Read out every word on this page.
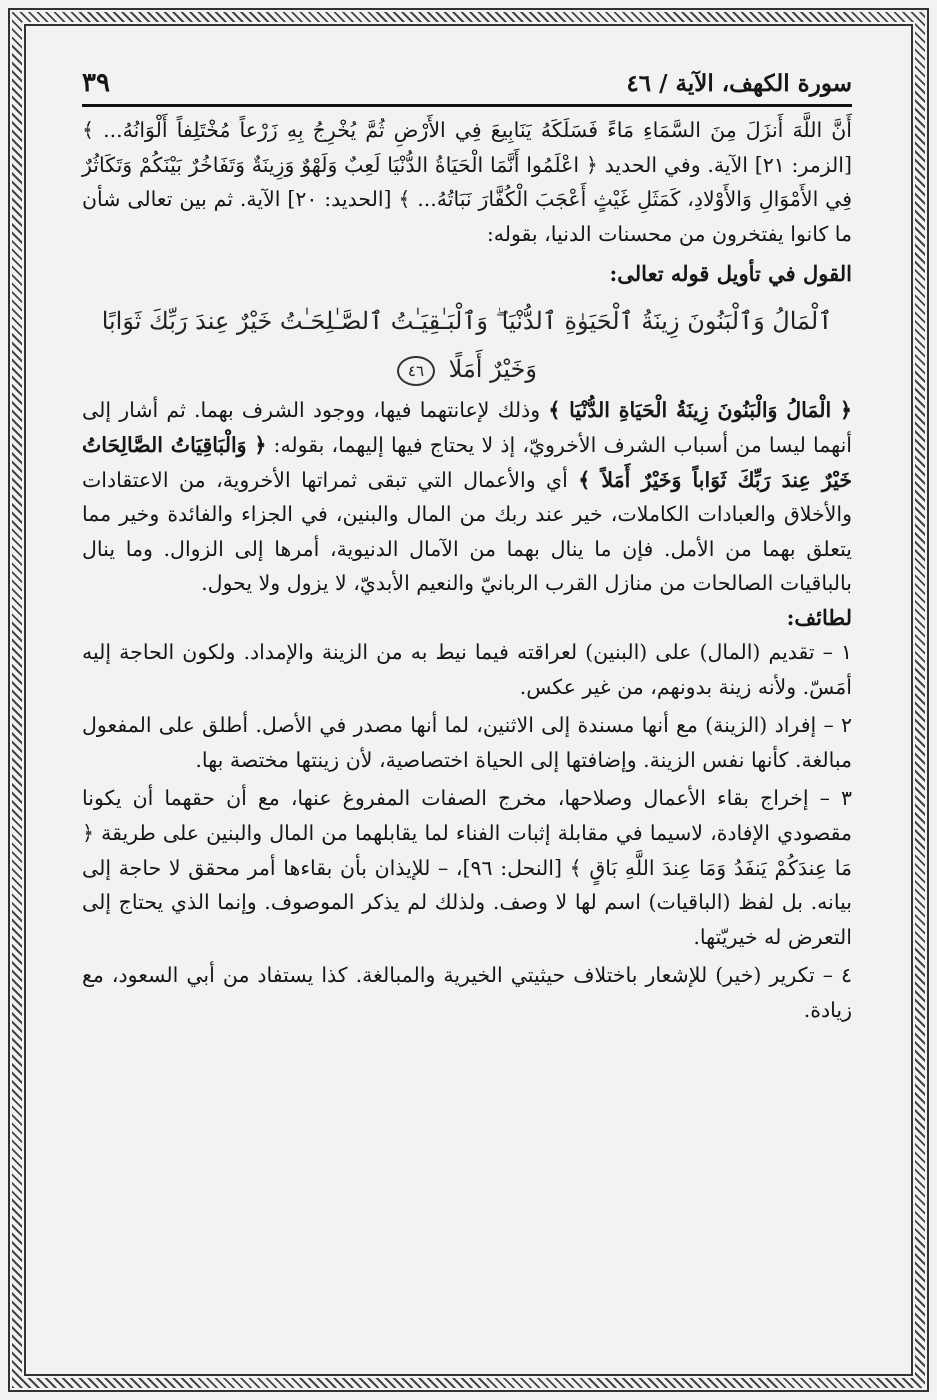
سورة الكهف، الآية / ٤٦
٣٩

أَنَّ اللَّهَ أَنزَلَ مِنَ السَّمَاءِ مَاءً فَسَلَكَهُ يَنَابِيعَ فِي الأَرْضِ ثُمَّ يُخْرِجُ بِهِ زَرْعاً مُخْتَلِفاً أَلْوَانُهُ... ﴾ [الزمر: ٢١] الآية. وفي الحديد ﴿ اعْلَمُوا أَنَّمَا الْحَيَاةُ الدُّنْيَا لَعِبٌ وَلَهْوٌ وَزِينَةٌ وَتَفَاخُرٌ بَيْنَكُمْ وَتَكَاثُرٌ فِي الأَمْوَالِ وَالأَوْلادِ، كَمَثَلِ غَيْثٍ أَعْجَبَ الْكُفَّارَ نَبَاتُهُ... ﴾ [الحديد: ٢٠] الآية. ثم بين تعالى شأن ما كانوا يفتخرون من محسنات الدنيا، بقوله:

القول في تأويل قوله تعالى:
ٱلْمَالُ وَٱلْبَنُونَ زِينَةُ ٱلْحَيَوٰةِ ٱلدُّنْيَا ۖ وَٱلْبَـٰقِيَـٰتُ ٱلصَّـٰلِحَـٰتُ خَيْرٌ عِندَ رَبِّكَ ثَوَابًا
وَخَيْرٌ أَمَلًا ٤٦

﴿ الْمَالُ وَالْبَنُونَ زِينَةُ الْحَيَاةِ الدُّنْيَا ﴾ وذلك لإعانتهما فيها، ووجود الشرف بهما. ثم أشار إلى أنهما ليسا من أسباب الشرف الأخرويّ، إذ لا يحتاج فيها إليهما، بقوله: ﴿ وَالْبَاقِيَاتُ الصَّالِحَاتُ خَيْرٌ عِندَ رَبِّكَ ثَوَاباً وَخَيْرٌ أَمَلاً ﴾ أي والأعمال التي تبقى ثمراتها الأخروية، من الاعتقادات والأخلاق والعبادات الكاملات، خير عند ربك من المال والبنين، في الجزاء والفائدة وخير مما يتعلق بهما من الأمل. فإن ما ينال بهما من الآمال الدنيوية، أمرها إلى الزوال. وما ينال بالباقيات الصالحات من منازل القرب الربانيّ والنعيم الأبديّ، لا يزول ولا يحول.

لطائف:

١ – تقديم (المال) على (البنين) لعراقته فيما نيط به من الزينة والإمداد. ولكون الحاجة إليه أمَسّ. ولأنه زينة بدونهم، من غير عكس.

٢ – إفراد (الزينة) مع أنها مسندة إلى الاثنين، لما أنها مصدر في الأصل. أطلق على المفعول مبالغة. كأنها نفس الزينة. وإضافتها إلى الحياة اختصاصية، لأن زينتها مختصة بها.

٣ – إخراج بقاء الأعمال وصلاحها، مخرج الصفات المفروغ عنها، مع أن حقهما أن يكونا مقصودي الإفادة، لاسيما في مقابلة إثبات الفناء لما يقابلهما من المال والبنين على طريقة ﴿ مَا عِندَكُمْ يَنفَدُ وَمَا عِندَ اللَّهِ بَاقٍ ﴾ [النحل: ٩٦]، – للإيذان بأن بقاءها أمر محقق لا حاجة إلى بيانه. بل لفظ (الباقيات) اسم لها لا وصف. ولذلك لم يذكر الموصوف. وإنما الذي يحتاج إلى التعرض له خيريّتها.

٤ – تكرير (خير) للإشعار باختلاف حيثيتي الخيرية والمبالغة. كذا يستفاد من أبي السعود، مع زيادة.
